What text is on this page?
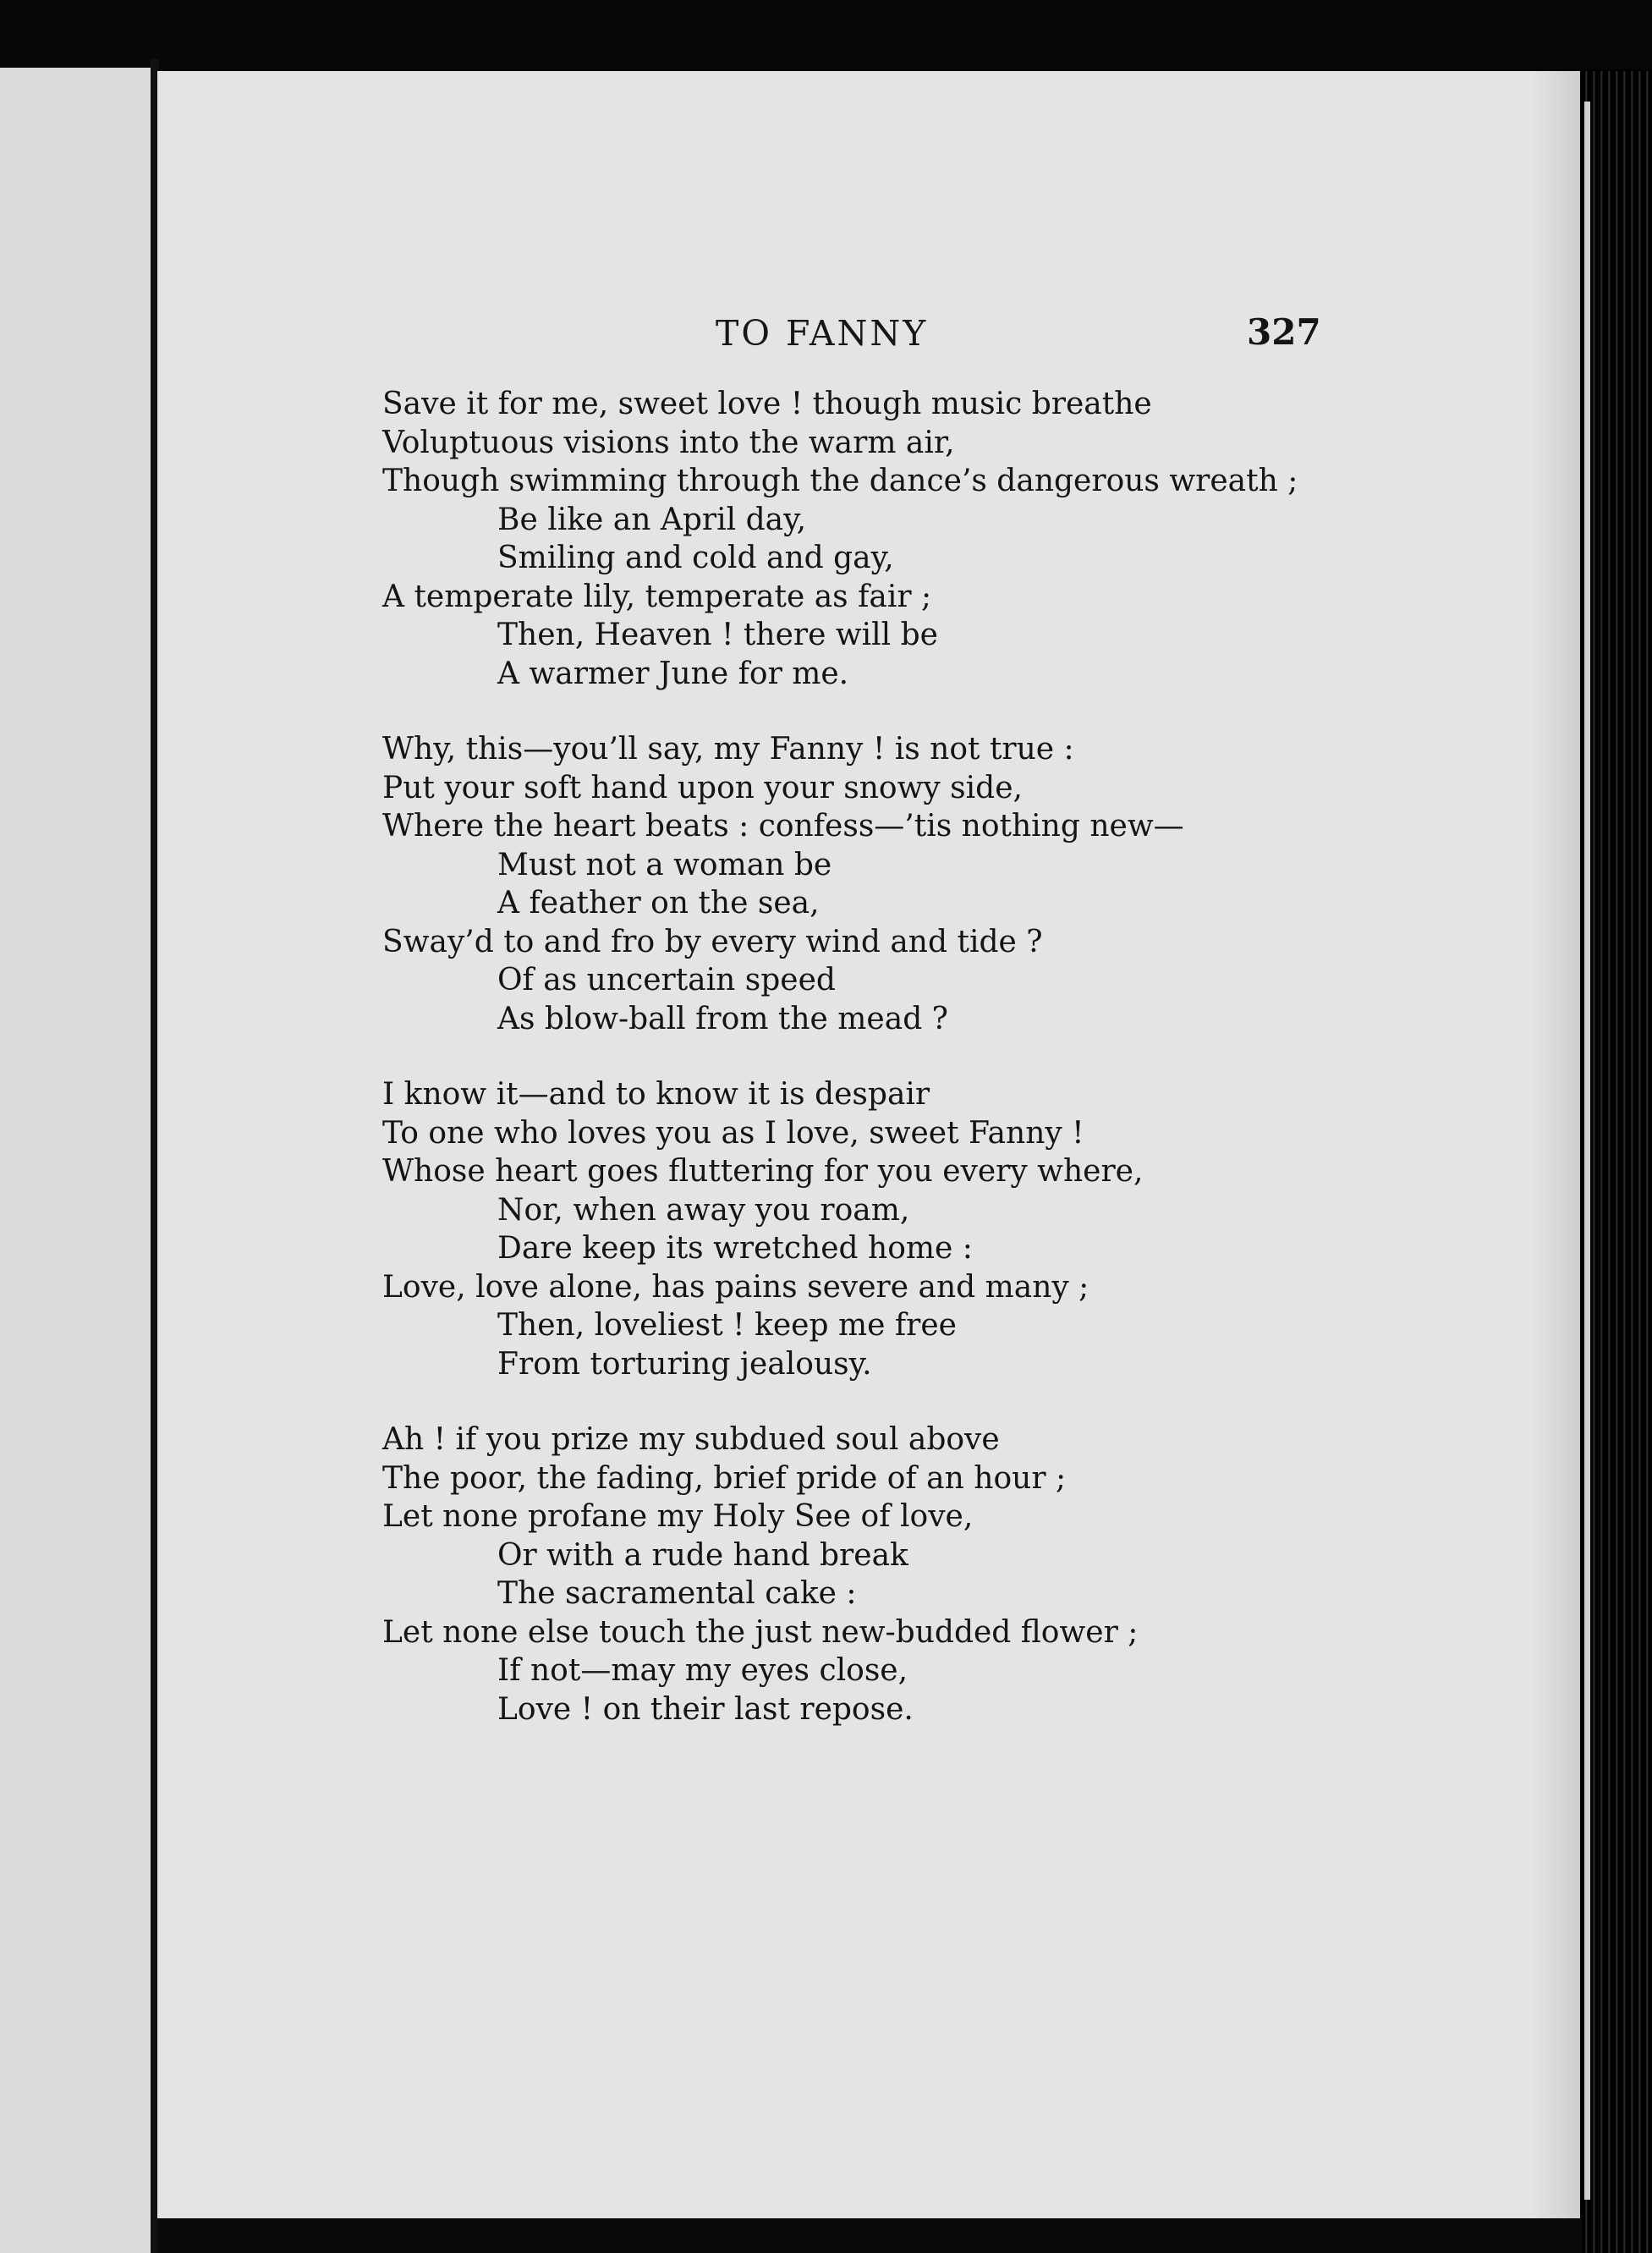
TO FANNY	327
Save it for me, sweet love ! though music breathe
Voluptuous visions into the warm air,
Though swimming through the dance’s dangerous wreath ;
Be like an April day,
Smiling and cold and gay,
A temperate lily, temperate as fair ;
Then, Heaven ! there will be
A warmer June for me.
Why, this—you’ll say, my Fanny ! is not true :
Put your soft hand upon your snowy side,
Where the heart beats : confess—’tis nothing new—
Must not a woman be
A feather on the sea,
Sway’d to and fro by every wind and tide ?
Of as uncertain speed
As blow-ball from the mead ?
I know it—and to know it is despair
To one who loves you as I love, sweet Fanny !
Whose heart goes fluttering for you every where,
Nor, when away you roam,
Dare keep its wretched home :
Love, love alone, has pains severe and many ;
Then, loveliest ! keep me free
From torturing jealousy.
Ah ! if you prize my subdued soul above
The poor, the fading, brief pride of an hour ;
Let none profane my Holy See of love,
Or with a rude hand break
The sacramental cake :
Let none else touch the just new-budded flower ;
If not—may my eyes close,
Love ! on their last repose.
